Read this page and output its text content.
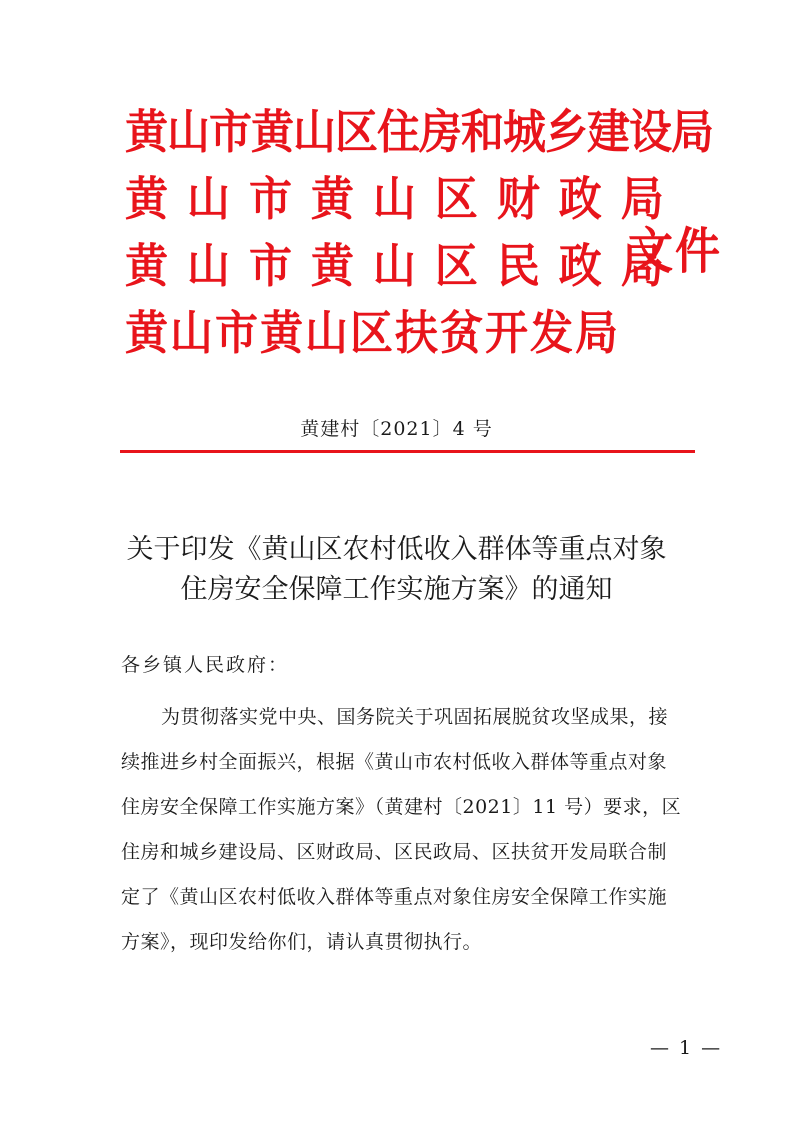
黄山市黄山区住房和城乡建设局
黄 山 市 黄 山 区 财 政 局
黄 山 市 黄 山 区 民 政 局
黄山市黄山区扶贫开发局
文件
黄建村〔2021〕4 号
关于印发《黄山区农村低收入群体等重点对象
住房安全保障工作实施方案》的通知
各乡镇人民政府：
为贯彻落实党中央、国务院关于巩固拓展脱贫攻坚成果，接
续推进乡村全面振兴，根据《黄山市农村低收入群体等重点对象
住房安全保障工作实施方案》（黄建村〔2021〕11 号）要求，区
住房和城乡建设局、区财政局、区民政局、区扶贫开发局联合制
定了《黄山区农村低收入群体等重点对象住房安全保障工作实施
方案》，现印发给你们，请认真贯彻执行。
— 1 —
